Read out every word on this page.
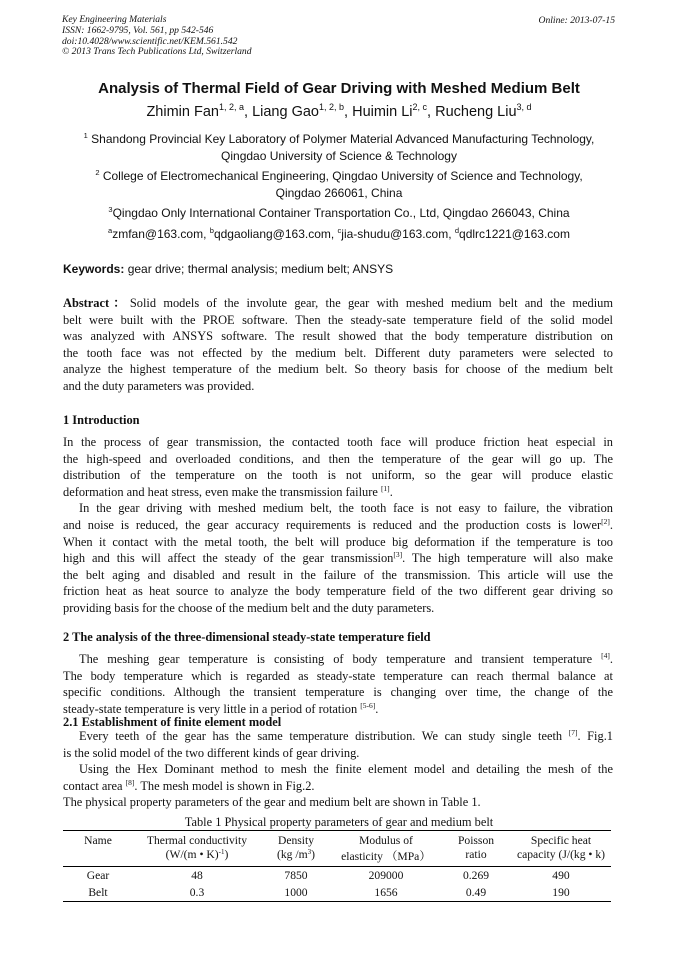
Key Engineering Materials
ISSN: 1662-9795, Vol. 561, pp 542-546
doi:10.4028/www.scientific.net/KEM.561.542
© 2013 Trans Tech Publications Ltd, Switzerland
Online: 2013-07-15
Analysis of Thermal Field of Gear Driving with Meshed Medium Belt
Zhimin Fan$^{1, 2, a}$, Liang Gao$^{1, 2, b}$, Huimin Li$^{2, c}$, Rucheng Liu$^{3, d}$
$^1$ Shandong Provincial Key Laboratory of Polymer Material Advanced Manufacturing Technology,
Qingdao University of Science & Technology
$^2$ College of Electromechanical Engineering, Qingdao University of Science and Technology,
Qingdao 266061, China
$^3$Qingdao Only International Container Transportation Co., Ltd, Qingdao 266043, China
$^a$zmfan@163.com, $^b$qdgaoliang@163.com, $^c$jia-shudu@163.com, $^d$qdlrc1221@163.com
Keywords: gear drive; thermal analysis; medium belt; ANSYS
Abstract：Solid models of the involute gear, the gear with meshed medium belt and the medium
belt were built with the PROE software. Then the steady-sate temperature field of the solid model
was analyzed with ANSYS software. The result showed that the body temperature distribution on
the tooth face was not effected by the medium belt. Different duty parameters were selected to
analyze the highest temperature of the medium belt. So theory basis for choose of the medium belt
and the duty parameters was provided.
1 Introduction
In the process of gear transmission, the contacted tooth face will produce friction heat especial in
the high-speed and overloaded conditions, and then the temperature of the gear will go up. The
distribution of the temperature on the tooth is not uniform, so the gear will produce elastic
deformation and heat stress, even make the transmission failure [1].
In the gear driving with meshed medium belt, the tooth face is not easy to failure, the vibration
and noise is reduced, the gear accuracy requirements is reduced and the production costs is lower[2].
When it contact with the metal tooth, the belt will produce big deformation if the temperature is too
high and this will affect the steady of the gear transmission[3]. The high temperature will also make
the belt aging and disabled and result in the failure of the transmission. This article will use the
friction heat as heat source to analyze the body temperature field of the two different gear driving so
providing basis for the choose of the medium belt and the duty parameters.
2 The analysis of the three-dimensional steady-state temperature field
The meshing gear temperature is consisting of body temperature and transient temperature [4].
The body temperature which is regarded as steady-state temperature can reach thermal balance at
specific conditions. Although the transient temperature is changing over time, the change of the
steady-state temperature is very little in a period of rotation [5-6].
2.1 Establishment of finite element model
Every teeth of the gear has the same temperature distribution. We can study single teeth [7]. Fig.1
is the solid model of the two different kinds of gear driving.
Using the Hex Dominant method to mesh the finite element model and detailing the mesh of the
contact area [8]. The mesh model is shown in Fig.2.
The physical property parameters of the gear and medium belt are shown in Table 1.
Table 1 Physical property parameters of gear and medium belt
Name	Thermal conductivity	Density	Modulus of	Poisson	Specific heat
	(W/(m • K)$^{-1}$)	(kg $/m^3$)	elasticity （MPa）	ratio	capacity (J/(kg • k)
Gear	48	7850	209000	0.269	490
Belt	0.3	1000	1656	0.49	190
